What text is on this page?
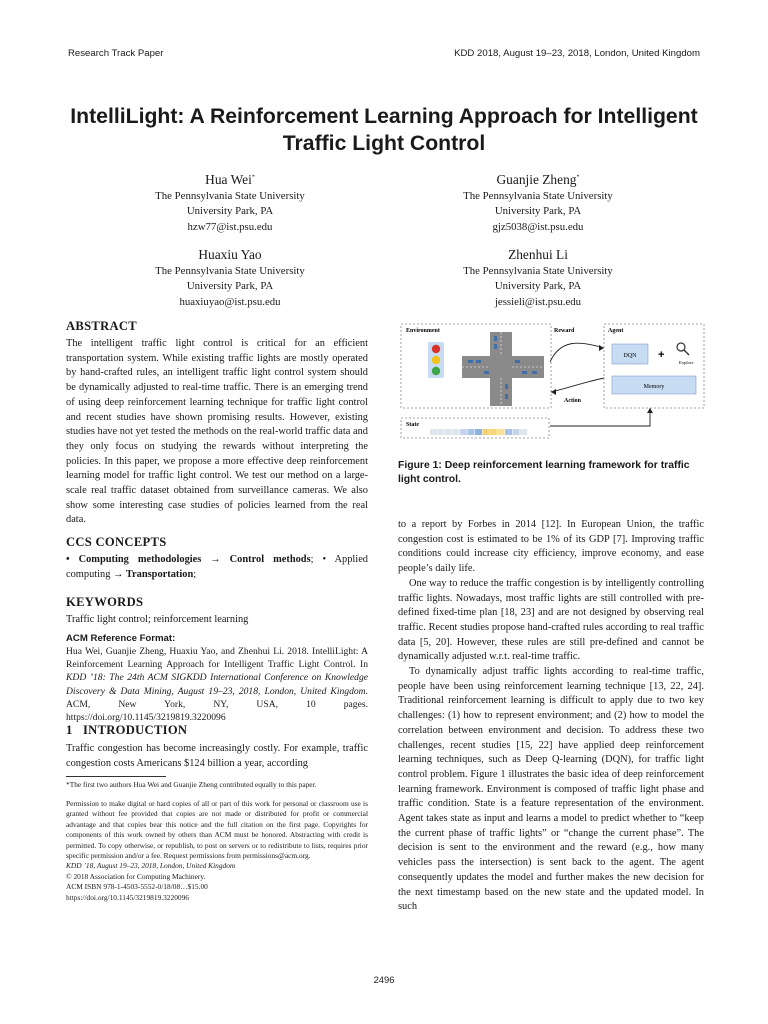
Research Track Paper	KDD 2018, August 19–23, 2018, London, United Kingdom
IntelliLight: A Reinforcement Learning Approach for Intelligent
Traffic Light Control
Hua Wei*
The Pennsylvania State University
University Park, PA
hzw77@ist.psu.edu
Guanjie Zheng*
The Pennsylvania State University
University Park, PA
gjz5038@ist.psu.edu
Huaxiu Yao
The Pennsylvania State University
University Park, PA
huaxiuyao@ist.psu.edu
Zhenhui Li
The Pennsylvania State University
University Park, PA
jessieli@ist.psu.edu
ABSTRACT
The intelligent traffic light control is critical for an efficient transportation system. While existing traffic lights are mostly operated by hand-crafted rules, an intelligent traffic light control system should be dynamically adjusted to real-time traffic. There is an emerging trend of using deep reinforcement learning technique for traffic light control and recent studies have shown promising results. However, existing studies have not yet tested the methods on the real-world traffic data and they only focus on studying the rewards without interpreting the policies. In this paper, we propose a more effective deep reinforcement learning model for traffic light control. We test our method on a large-scale real traffic dataset obtained from surveillance cameras. We also show some interesting case studies of policies learned from the real data.
CCS CONCEPTS
• Computing methodologies → Control methods; • Applied computing → Transportation;
KEYWORDS
Traffic light control; reinforcement learning
ACM Reference Format:
Hua Wei, Guanjie Zheng, Huaxiu Yao, and Zhenhui Li. 2018. IntelliLight: A Reinforcement Learning Approach for Intelligent Traffic Light Control. In KDD ’18: The 24th ACM SIGKDD International Conference on Knowledge Discovery & Data Mining, August 19–23, 2018, London, United Kingdom. ACM, New York, NY, USA, 10 pages. https://doi.org/10.1145/3219819.3220096
1 INTRODUCTION
Traffic congestion has become increasingly costly. For example, traffic congestion costs Americans $124 billion a year, according
*The first two authors Hua Wei and Guanjie Zheng contributed equally to this paper.
Permission to make digital or hard copies of all or part of this work for personal or classroom use is granted without fee provided that copies are not made or distributed for profit or commercial advantage and that copies bear this notice and the full citation on the first page. Copyrights for components of this work owned by others than ACM must be honored. Abstracting with credit is permitted. To copy otherwise, or republish, to post on servers or to redistribute to lists, requires prior specific permission and/or a fee. Request permissions from permissions@acm.org.
KDD ’18, August 19–23, 2018, London, United Kingdom
© 2018 Association for Computing Machinery.
ACM ISBN 978-1-4503-5552-0/18/08…$15.00
https://doi.org/10.1145/3219819.3220096
Environment	Reward
Action
Agent
DQN +
Explore
Memory
State
Figure 1: Deep reinforcement learning framework for traffic light control.

to a report by Forbes in 2014 [12]. In European Union, the traffic congestion cost is estimated to be 1% of its GDP [7]. Improving traffic conditions could increase city efficiency, improve economy, and ease people’s daily life.

One way to reduce the traffic congestion is by intelligently controlling traffic lights. Nowadays, most traffic lights are still controlled with pre-defined fixed-time plan [18, 23] and are not designed by observing real traffic. Recent studies propose hand-crafted rules according to real traffic data [5, 20]. However, these rules are still pre-defined and cannot be dynamically adjusted w.r.t. real-time traffic.

To dynamically adjust traffic lights according to real-time traffic, people have been using reinforcement learning technique [13, 22, 24]. Traditional reinforcement learning is difficult to apply due to two key challenges: (1) how to represent environment; and (2) how to model the correlation between environment and decision. To address these two challenges, recent studies [15, 22] have applied deep reinforcement learning techniques, such as Deep Q-learning (DQN), for traffic light control problem. Figure 1 illustrates the basic idea of deep reinforcement learning framework. Environment is composed of traffic light phase and traffic condition. State is a feature representation of the environment. Agent takes state as input and learns a model to predict whether to “keep the current phase of traffic lights” or “change the current phase”. The decision is sent to the environment and the reward (e.g., how many vehicles pass the intersection) is sent back to the agent. The agent consequently updates the model and further makes the new decision for the next timestamp based on the new state and the updated model. In such

2496
